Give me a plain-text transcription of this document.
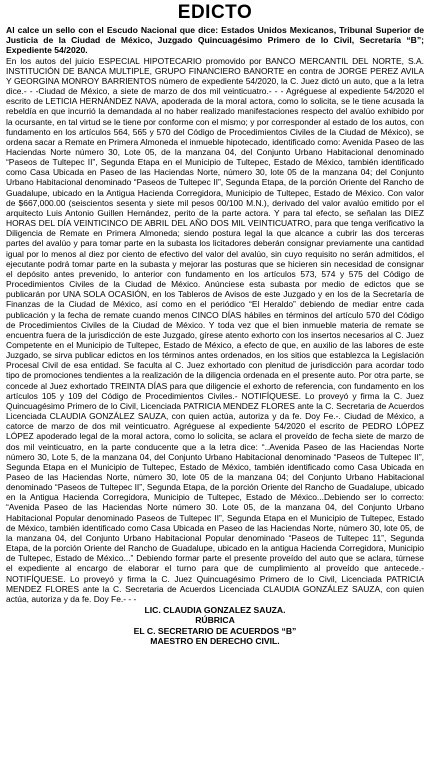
EDICTO

Al calce un sello con el Escudo Nacional que dice: Estados Unidos Mexicanos, Tribunal Superior de Justicia de la Ciudad de México, Juzgado Quincuagésimo Primero de lo Civil, Secretaría “B”; Expediente 54/2020.

En los autos del juicio ESPECIAL HIPOTECARIO promovido por BANCO MERCANTIL DEL NORTE, S.A. INSTITUCIÓN DE BANCA MULTIPLE, GRUPO FINANCIERO BANORTE en contra de JORGE PEREZ AVILA Y GEORGINA MONROY BARRIENTOS número de expediente 54/2020, la C. Juez dictó un auto, que a la letra dice.- - -Ciudad de México, a siete de marzo de dos mil veinticuatro.- - - Agréguese al expediente 54/2020 el escrito de LETICIA HERNÁNDEZ NAVA, apoderada de la moral actora, como lo solicita, se le tiene acusada la rebeldía en que incurrió la demandada al no haber realizado manifestaciones respecto del avalúo exhibido por la ocursante, en tal virtud se le tiene por conforme con el mismo; y por corresponder al estado de los autos, con fundamento en los artículos 564, 565 y 570 del Código de Procedimientos Civiles de la Ciudad de México), se ordena sacar a Remate en Primera Almoneda el inmueble hipotecado, identificado como: Avenida Paseo de las Haciendas Norte número 30, Lote 05, de la manzana 04, del Conjunto Urbano Habitacional denominado “Paseos de Tultepec II”, Segunda Etapa en el Municipio de Tultepec, Estado de México, también identificado como Casa Ubicada en Paseo de las Haciendas Norte, número 30, lote 05 de la manzana 04; del Conjunto Urbano Habitacional denominado “Paseos de Tultepec II”, Segunda Etapa, de la porción Oriente del Rancho de Guadalupe, ubicado en la Antigua Hacienda Corregidora, Municipio de Tultepec, Estado de México. Con valor de $667,000.00 (seiscientos sesenta y siete mil pesos 00/100 M.N.), derivado del valor avalúo emitido por el arquitecto Luis Antonio Guillen Hernández, perito de la parte actora. Y para tal efecto, se señalan las DIEZ HORAS DEL DÍA VEINTICINCO DE ABRIL DEL AÑO DOS MIL VEINTICUATRO, para que tenga verificativo la Diligencia de Remate en Primera Almoneda; siendo postura legal la que alcance a cubrir las dos terceras partes del avalúo y para tomar parte en la subasta los licitadores deberán consignar previamente una cantidad igual por lo menos al diez por ciento de efectivo del valor del avalúo, sin cuyo requisito no serán admitidos, el ejecutante podrá tomar parte en la subasta y mejorar las posturas que se hicieren sin necesidad de consignar el depósito antes prevenido, lo anterior con fundamento en los artículos 573, 574 y 575 del Código de Procedimientos Civiles de la Ciudad de México. Anúnciese esta subasta por medio de edictos que se publicarán por UNA SOLA OCASIÓN, en los Tableros de Avisos de este Juzgado y en los de la Secretaría de Finanzas de la Ciudad de México, así como en el periódico “El Heraldo” debiendo de mediar entre cada publicación y la fecha de remate cuando menos CINCO DÍAS hábiles en términos del artículo 570 del Código de Procedimientos Civiles de la Ciudad de México. Y toda vez que el bien inmueble materia de remate se encuentra fuera de la jurisdicción de este Juzgado, gírese atento exhorto con los insertos necesarios al C. Juez Competente en el Municipio de Tultepec, Estado de México, a efecto de que, en auxilio de las labores de este Juzgado, se sirva publicar edictos en los términos antes ordenados, en los sitios que establezca la Legislación Procesal Civil de esa entidad. Se faculta al C. Juez exhortado con plenitud de jurisdicción para acordar todo tipo de promociones tendientes a la realización de la diligencia ordenada en el presente auto. Por otra parte, se concede al Juez exhortado TREINTA DÍAS para que diligencie el exhorto de referencia, con fundamento en los artículos 105 y 109 del Código de Procedimientos Civiles.- NOTIFÍQUESE. Lo proveyó y firma la C. Juez Quincuagésimo Primero de lo Civil, Licenciada PATRICIA MENDEZ FLORES ante la C. Secretaria de Acuerdos Licenciada CLAUDIA GONZÁLEZ SAUZA, con quien actúa, autoriza y da fe. Doy Fe.-. Ciudad de México, a catorce de marzo de dos mil veinticuatro. Agréguese al expediente 54/2020 el escrito de PEDRO LÓPEZ LÓPEZ apoderado legal de la moral actora, como lo solicita, se aclara el proveído de fecha siete de marzo de dos mil veinticuatro, en la parte conducente que a la letra dice: “..Avenida Paseo de las Haciendas Norte número 30, Lote 5, de la manzana 04, del Conjunto Urbano Habitacional denominado “Paseos de Tultepec II”, Segunda Etapa en el Municipio de Tultepec, Estado de México, también identificado como Casa Ubicada en Paseo de las Haciendas Norte, número 30, lote 05 de la manzana 04; del Conjunto Urbano Habitacional denominado “Paseos de Tultepec II”, Segunda Etapa, de la porción Oriente del Rancho de Guadalupe, ubicado en la Antigua Hacienda Corregidora, Municipio de Tultepec, Estado de México...Debiendo ser lo correcto: “Avenida Paseo de las Haciendas Norte número 30. Lote 05, de la manzana 04, del Conjunto Urbano Habitacional Popular denominado Paseos de Tultepec II”, Segunda Etapa en el Municipio de Tultepec, Estado de México, también identificado como Casa Ubicada en Paseo de las Haciendas Norte, número 30, lote 05, de la manzana 04, del Conjunto Urbano Habitacional Popular denominado “Paseos de Tultepec 11”, Segunda Etapa, de la porción Oriente del Rancho de Guadalupe, ubicado en la antigua Hacienda Corregidora, Municipio de Tultepec, Estado de México...” Debiendo formar parte el presente proveído del auto que se aclara, túrnese el expediente al encargo de elaborar el turno para que de cumplimiento al proveído que antecede.- NOTIFÍQUESE. Lo proveyó y firma la C. Juez Quincuagésimo Primero de lo Civil, Licenciada PATRICIA MENDEZ FLORES ante la C. Secretaria de Acuerdos Licenciada CLAUDIA GONZÁLEZ SAUZA, con quien actúa, autoriza y da fe. Doy Fe.- - -

LIC. CLAUDIA GONZALEZ SAUZA.
RÚBRICA
EL C. SECRETARIO DE ACUERDOS “B”
MAESTRO EN DERECHO CIVIL.
